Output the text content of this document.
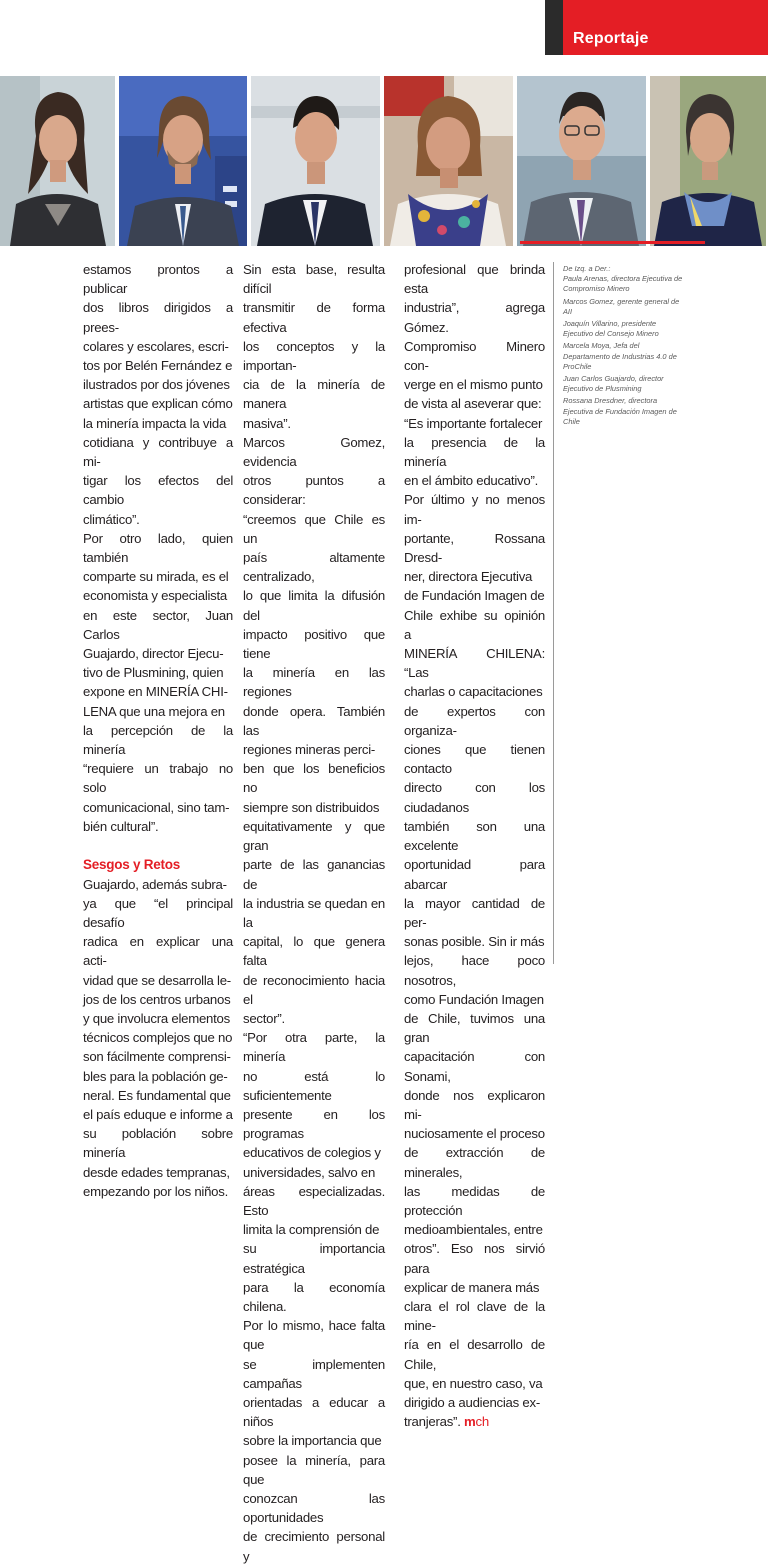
Reportaje

estamos prontos a publicar

dos libros dirigidos a prees-

colares y escolares, escri-

tos por Belén Fernández e

ilustrados por dos jóvenes

artistas que explican cómo

la minería impacta la vida

cotidiana y contribuye a mi-

tigar los efectos del cambio

climático”.

Por otro lado, quien también

comparte su mirada, es el

economista y especialista

en este sector, Juan Carlos

Guajardo, director Ejecu-

tivo de Plusmining, quien

expone en MINERÍA CHI-

LENA que una mejora en

la percepción de la minería

“requiere un trabajo no solo

comunicacional, sino tam-

bién cultural”.

Sesgos y Retos

Guajardo, además subra-

ya que “el principal desafío

radica en explicar una acti-

vidad que se desarrolla le-

jos de los centros urbanos

y que involucra elementos

técnicos complejos que no

son fácilmente comprensi-

bles para la población ge-

neral. Es fundamental que

el país eduque e informe a

su población sobre minería

desde edades tempranas,

empezando por los niños.

Sin esta base, resulta difícil

transmitir de forma efectiva

los conceptos y la importan-

cia de la minería de manera

masiva”.

Marcos Gomez, evidencia

otros puntos a considerar:

“creemos que Chile es un

país altamente centralizado,

lo que limita la difusión del

impacto positivo que tiene

la minería en las regiones

donde opera. También las

regiones mineras perci-

ben que los beneficios no

siempre son distribuidos

equitativamente y que gran

parte de las ganancias de

la industria se quedan en la

capital, lo que genera falta

de reconocimiento hacia el

sector”.

“Por otra parte, la minería

no está lo suficientemente

presente en los programas

educativos de colegios y

universidades, salvo en

áreas especializadas. Esto

limita la comprensión de

su importancia estratégica

para la economía chilena.

Por lo mismo, hace falta que

se implementen campañas

orientadas a educar a niños

sobre la importancia que

posee la minería, para que

conozcan las oportunidades

de crecimiento personal y

profesional que brinda esta

industria”, agrega Gómez.

Compromiso Minero con-

verge en el mismo punto

de vista al aseverar que:

“Es importante fortalecer

la presencia de la minería

en el ámbito educativo”.

Por último y no menos im-

portante, Rossana Dresd-

ner, directora Ejecutiva

de Fundación Imagen de

Chile exhibe su opinión a

MINERÍA CHILENA: “Las

charlas o capacitaciones

de expertos con organiza-

ciones que tienen contacto

directo con los ciudadanos

también son una excelente

oportunidad para abarcar

la mayor cantidad de per-

sonas posible. Sin ir más

lejos, hace poco nosotros,

como Fundación Imagen

de Chile, tuvimos una gran

capacitación con Sonami,

donde nos explicaron mi-

nuciosamente el proceso

de extracción de minerales,

las medidas de protección

medioambientales, entre

otros”. Eso nos sirvió para

explicar de manera más

clara el rol clave de la mine-

ría en el desarrollo de Chile,

que, en nuestro caso, va

dirigido a audiencias ex-

tranjeras”. mch

De Izq. a Der.:
Paula Arenas, directora Ejecutiva de Compromiso Minero
Marcos Gomez, gerente general de AII
Joaquín Villarino, presidente Ejecutivo del Consejo Minero
Marcela Moya, Jefa del Departamento de Industrias 4.0 de ProChile
Juan Carlos Guajardo, director Ejecutivo de Plusmining
Rossana Dresdner, directora Ejecutiva de Fundación Imagen de Chile
